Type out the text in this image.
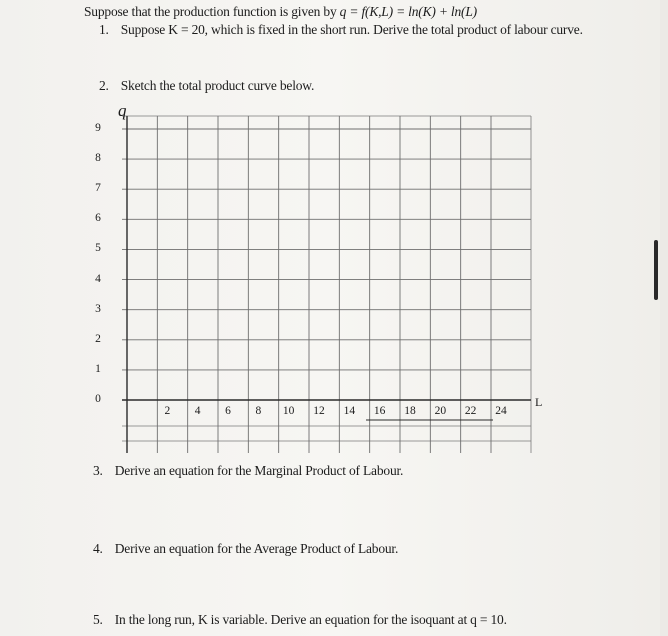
Suppose that the production function is given by q = f(K,L) = ln(K) + ln(L)
1. Suppose K = 20, which is fixed in the short run. Derive the total product of labour curve.
2. Sketch the total product curve below.
q
L
9
8
7
6
5
4
3
2
1
0
2	4	6	8	10	12	14	16	18	20	22	24
3. Derive an equation for the Marginal Product of Labour.
4. Derive an equation for the Average Product of Labour.
5. In the long run, K is variable. Derive an equation for the isoquant at q = 10.
